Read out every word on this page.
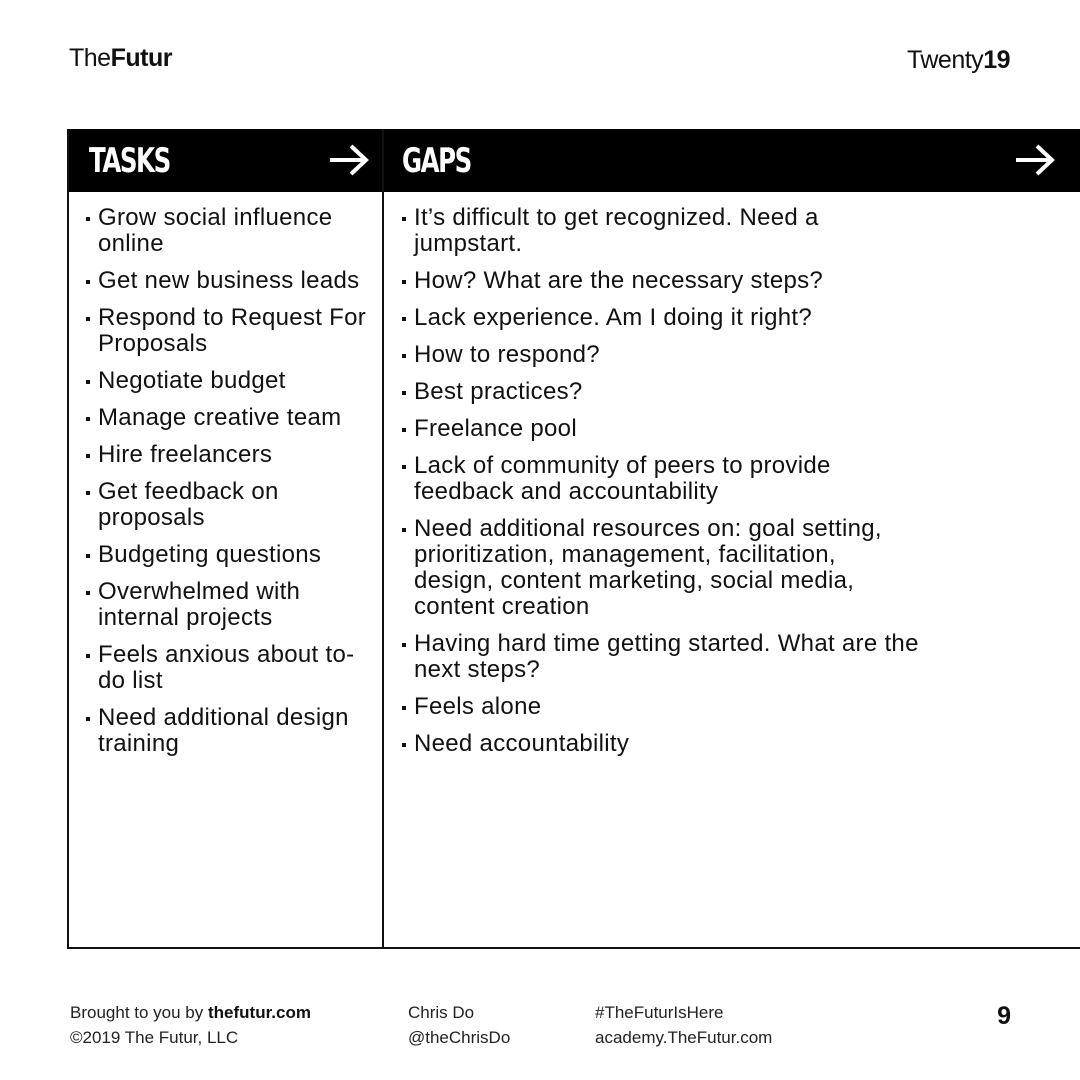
TheFutur	Twenty19
TASKS	GAPS
Grow social influence online
Get new business leads
Respond to Request For Proposals
Negotiate budget
Manage creative team
Hire freelancers
Get feedback on proposals
Budgeting questions
Overwhelmed with internal projects
Feels anxious about to-do list
Need additional design training
It’s difficult to get recognized. Need a jumpstart.
How? What are the necessary steps?
Lack experience. Am I doing it right?
How to respond?
Best practices?
Freelance pool
Lack of community of peers to provide feedback and accountability
Need additional resources on: goal setting, prioritization, management, facilitation, design, content marketing, social media, content creation
Having hard time getting started. What are the next steps?
Feels alone
Need accountability
Brought to you by thefutur.com
©2019 The Futur, LLC
Chris Do
@theChrisDo
#TheFuturIsHere
academy.TheFutur.com
9
